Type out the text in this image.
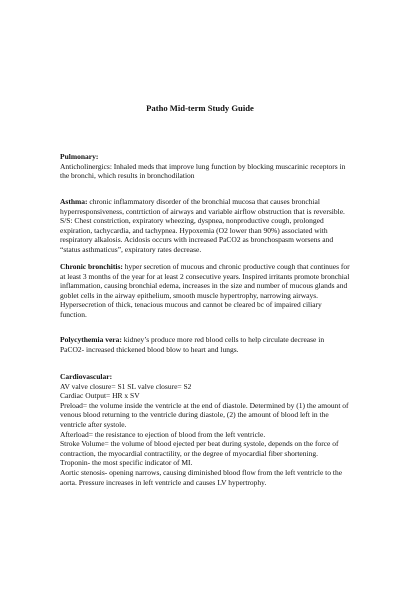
Patho Mid-term Study Guide

Pulmonary:

Anticholinergics: Inhaled meds that improve lung function by blocking muscarinic receptors in the bronchi, which results in bronchodilation

Asthma: chronic inflammatory disorder of the bronchial mucosa that causes bronchial hyperresponsiveness, contrtiction of airways and variable airflow obstruction that is reversible.

S/S: Chest constriction, expiratory wheezing, dyspnea, nonproductive cough, prolonged expiration, tachycardia, and tachypnea. Hypoxemia (O2 lower than 90%) associated with respiratory alkalosis. Acidosis occurs with increased PaCO2 as bronchospasm worsens and “status asthmaticus”, expiratory rates decrease.

Chronic bronchitis: hyper secretion of mucous and chronic productive cough that continues for at least 3 months of the year for at least 2 consecutive years. Inspired irritants promote bronchial inflammation, causing bronchial edema, increases in the size and number of mucous glands and goblet cells in the airway epithelium, smooth muscle hypertrophy, narrowing airways. Hypersecretion of thick, tenacious mucous and cannot be cleared bc of impaired ciliary function.

Polycythemia vera: kidney’s produce more red blood cells to help circulate decrease in PaCO2- increased thickened blood blow to heart and lungs.

Cardiovascular:

AV valve closure= S1 SL valve closure= S2

Cardiac Output= HR x SV

Preload= the volume inside the ventricle at the end of diastole. Determined by (1) the amount of venous blood returning to the ventricle during diastole, (2) the amount of blood left in the ventricle after systole.

Afterload= the resistance to ejection of blood from the left ventricle.

Stroke Volume= the volume of blood ejected per beat during systole, depends on the force of contraction, the myocardial contractility, or the degree of myocardial fiber shortening.

Troponin- the most specific indicator of MI.

Aortic stenosis- opening narrows, causing diminished blood flow from the left ventricle to the aorta. Pressure increases in left ventricle and causes LV hypertrophy.
